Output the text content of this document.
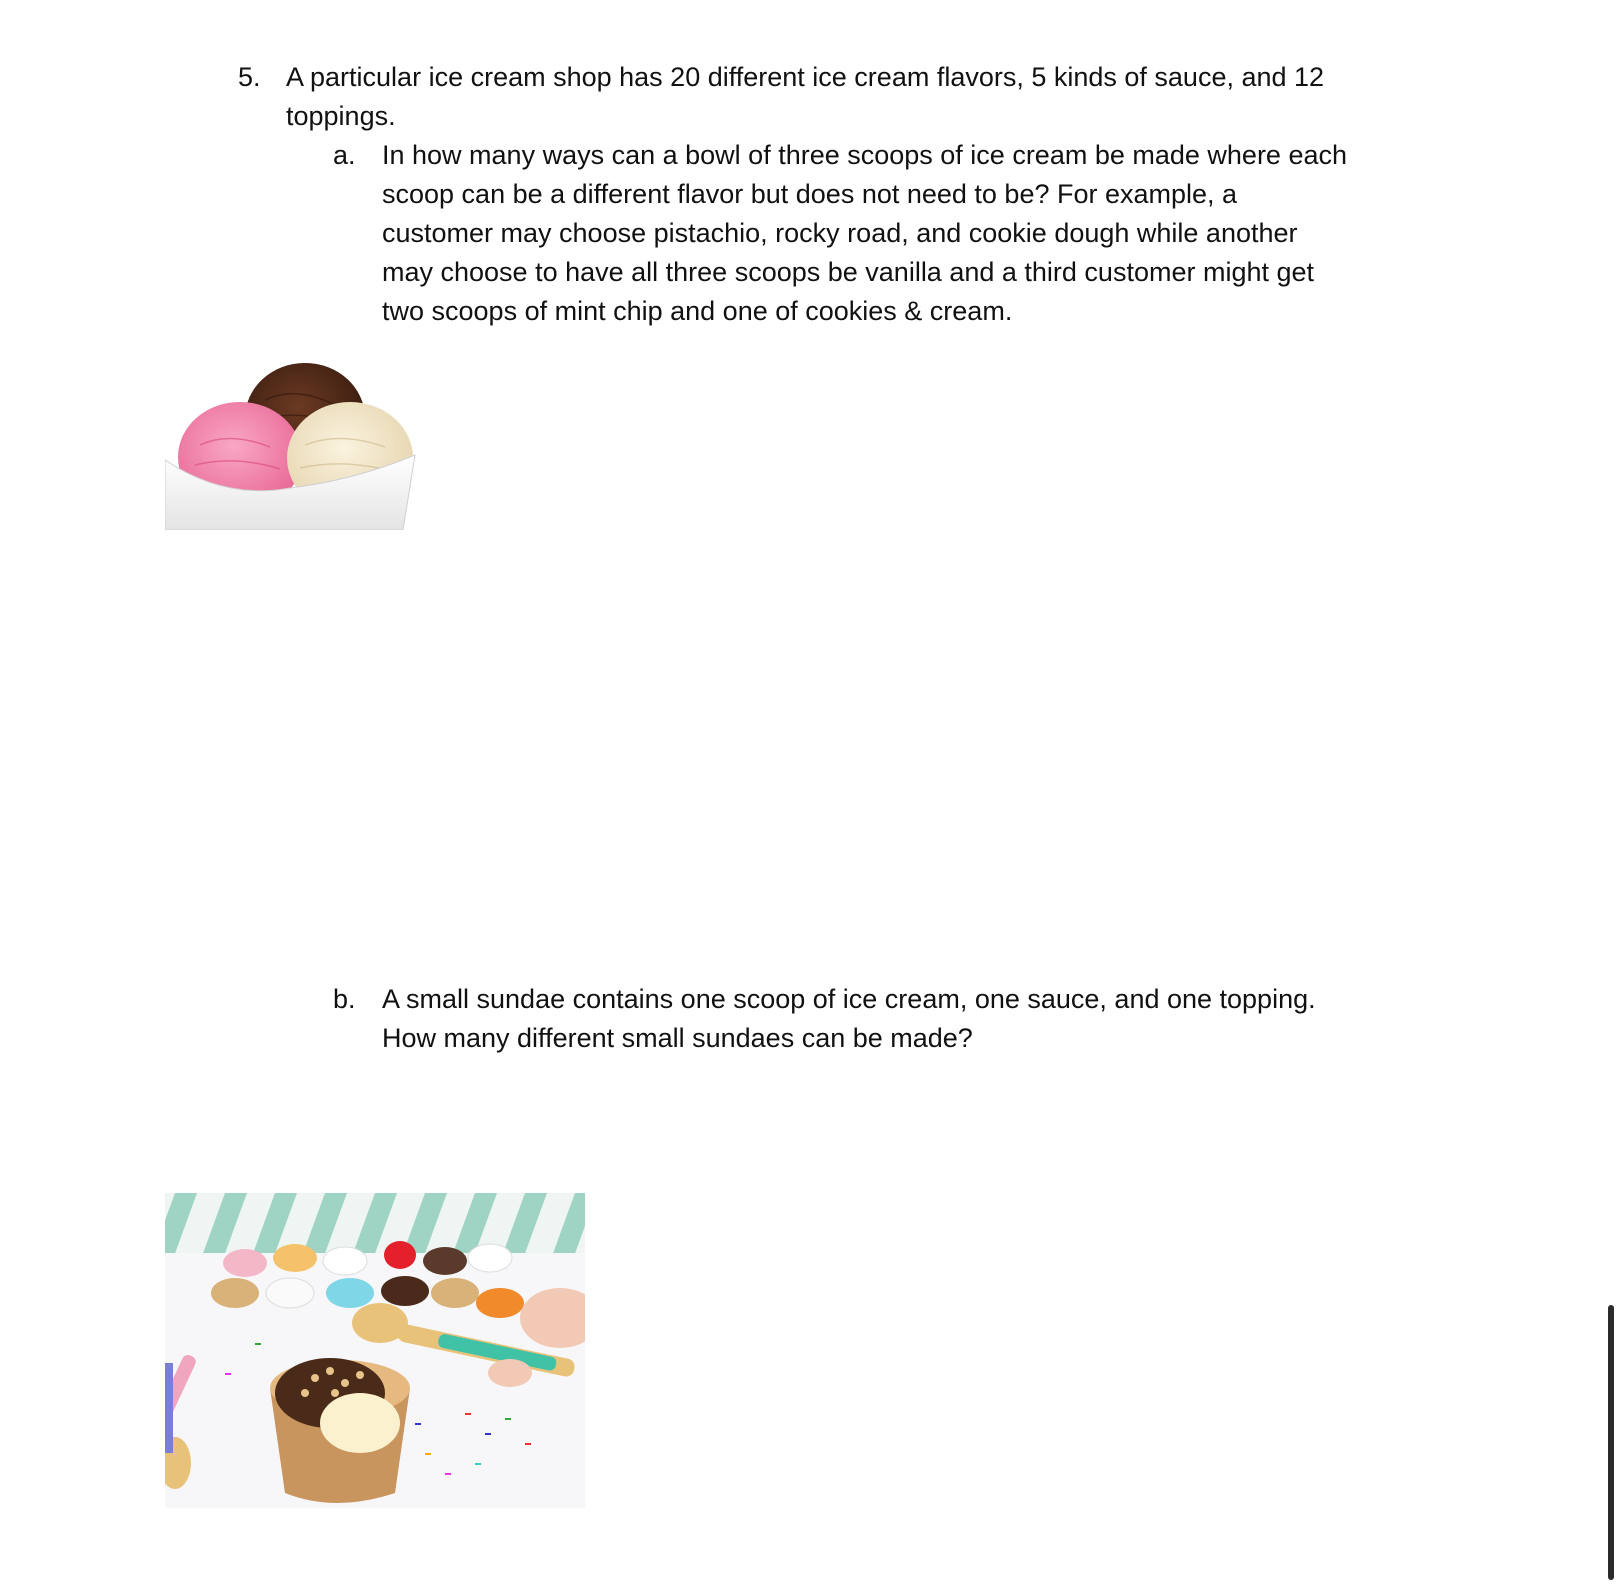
5. A particular ice cream shop has 20 different ice cream flavors, 5 kinds of sauce, and 12
toppings.
a. In how many ways can a bowl of three scoops of ice cream be made where each
scoop can be a different flavor but does not need to be? For example, a
customer may choose pistachio, rocky road, and cookie dough while another
may choose to have all three scoops be vanilla and a third customer might get
two scoops of mint chip and one of cookies & cream.
b. A small sundae contains one scoop of ice cream, one sauce, and one topping.
How many different small sundaes can be made?
